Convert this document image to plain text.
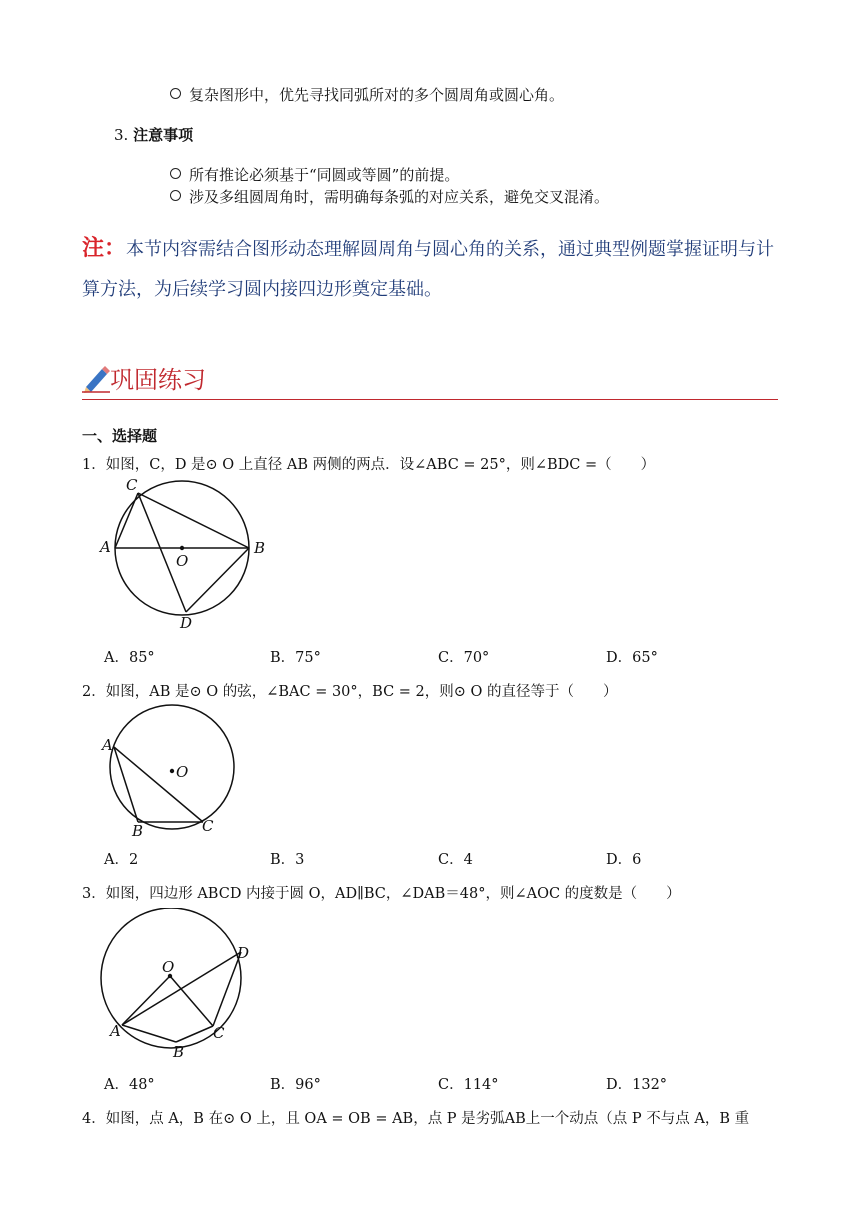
复杂图形中，优先寻找同弧所对的多个圆周角或圆心角。
3. 注意事项
所有推论必须基于“同圆或等圆”的前提。
涉及多组圆周角时，需明确每条弧的对应关系，避免交叉混淆。
注：本节内容需结合图形动态理解圆周角与圆心角的关系，通过典型例题掌握证明与计算方法，为后续学习圆内接四边形奠定基础。
巩固练习
一、选择题
1．如图，C，D 是⊙ O 上直径 AB 两侧的两点．设∠ABC = 25°，则∠BDC =（　　）
C
A
O
B
D
A．85°	B．75°	C．70°	D．65°
2．如图，AB 是⊙ O 的弦，∠BAC = 30°，BC = 2，则⊙ O 的直径等于（　　）
A
O
B	C
A．2	B．3	C．4	D．6
3．如图，四边形 ABCD 内接于圆 O，AD∥BC，∠DAB＝48°，则∠AOC 的度数是（　　）
O
D
A	C
B
A．48°	B．96°	C．114°	D．132°
4．如图，点 A，B 在⊙ O 上，且 OA = OB = AB，点 P 是劣弧AB上一个动点（点 P 不与点 A，B 重
